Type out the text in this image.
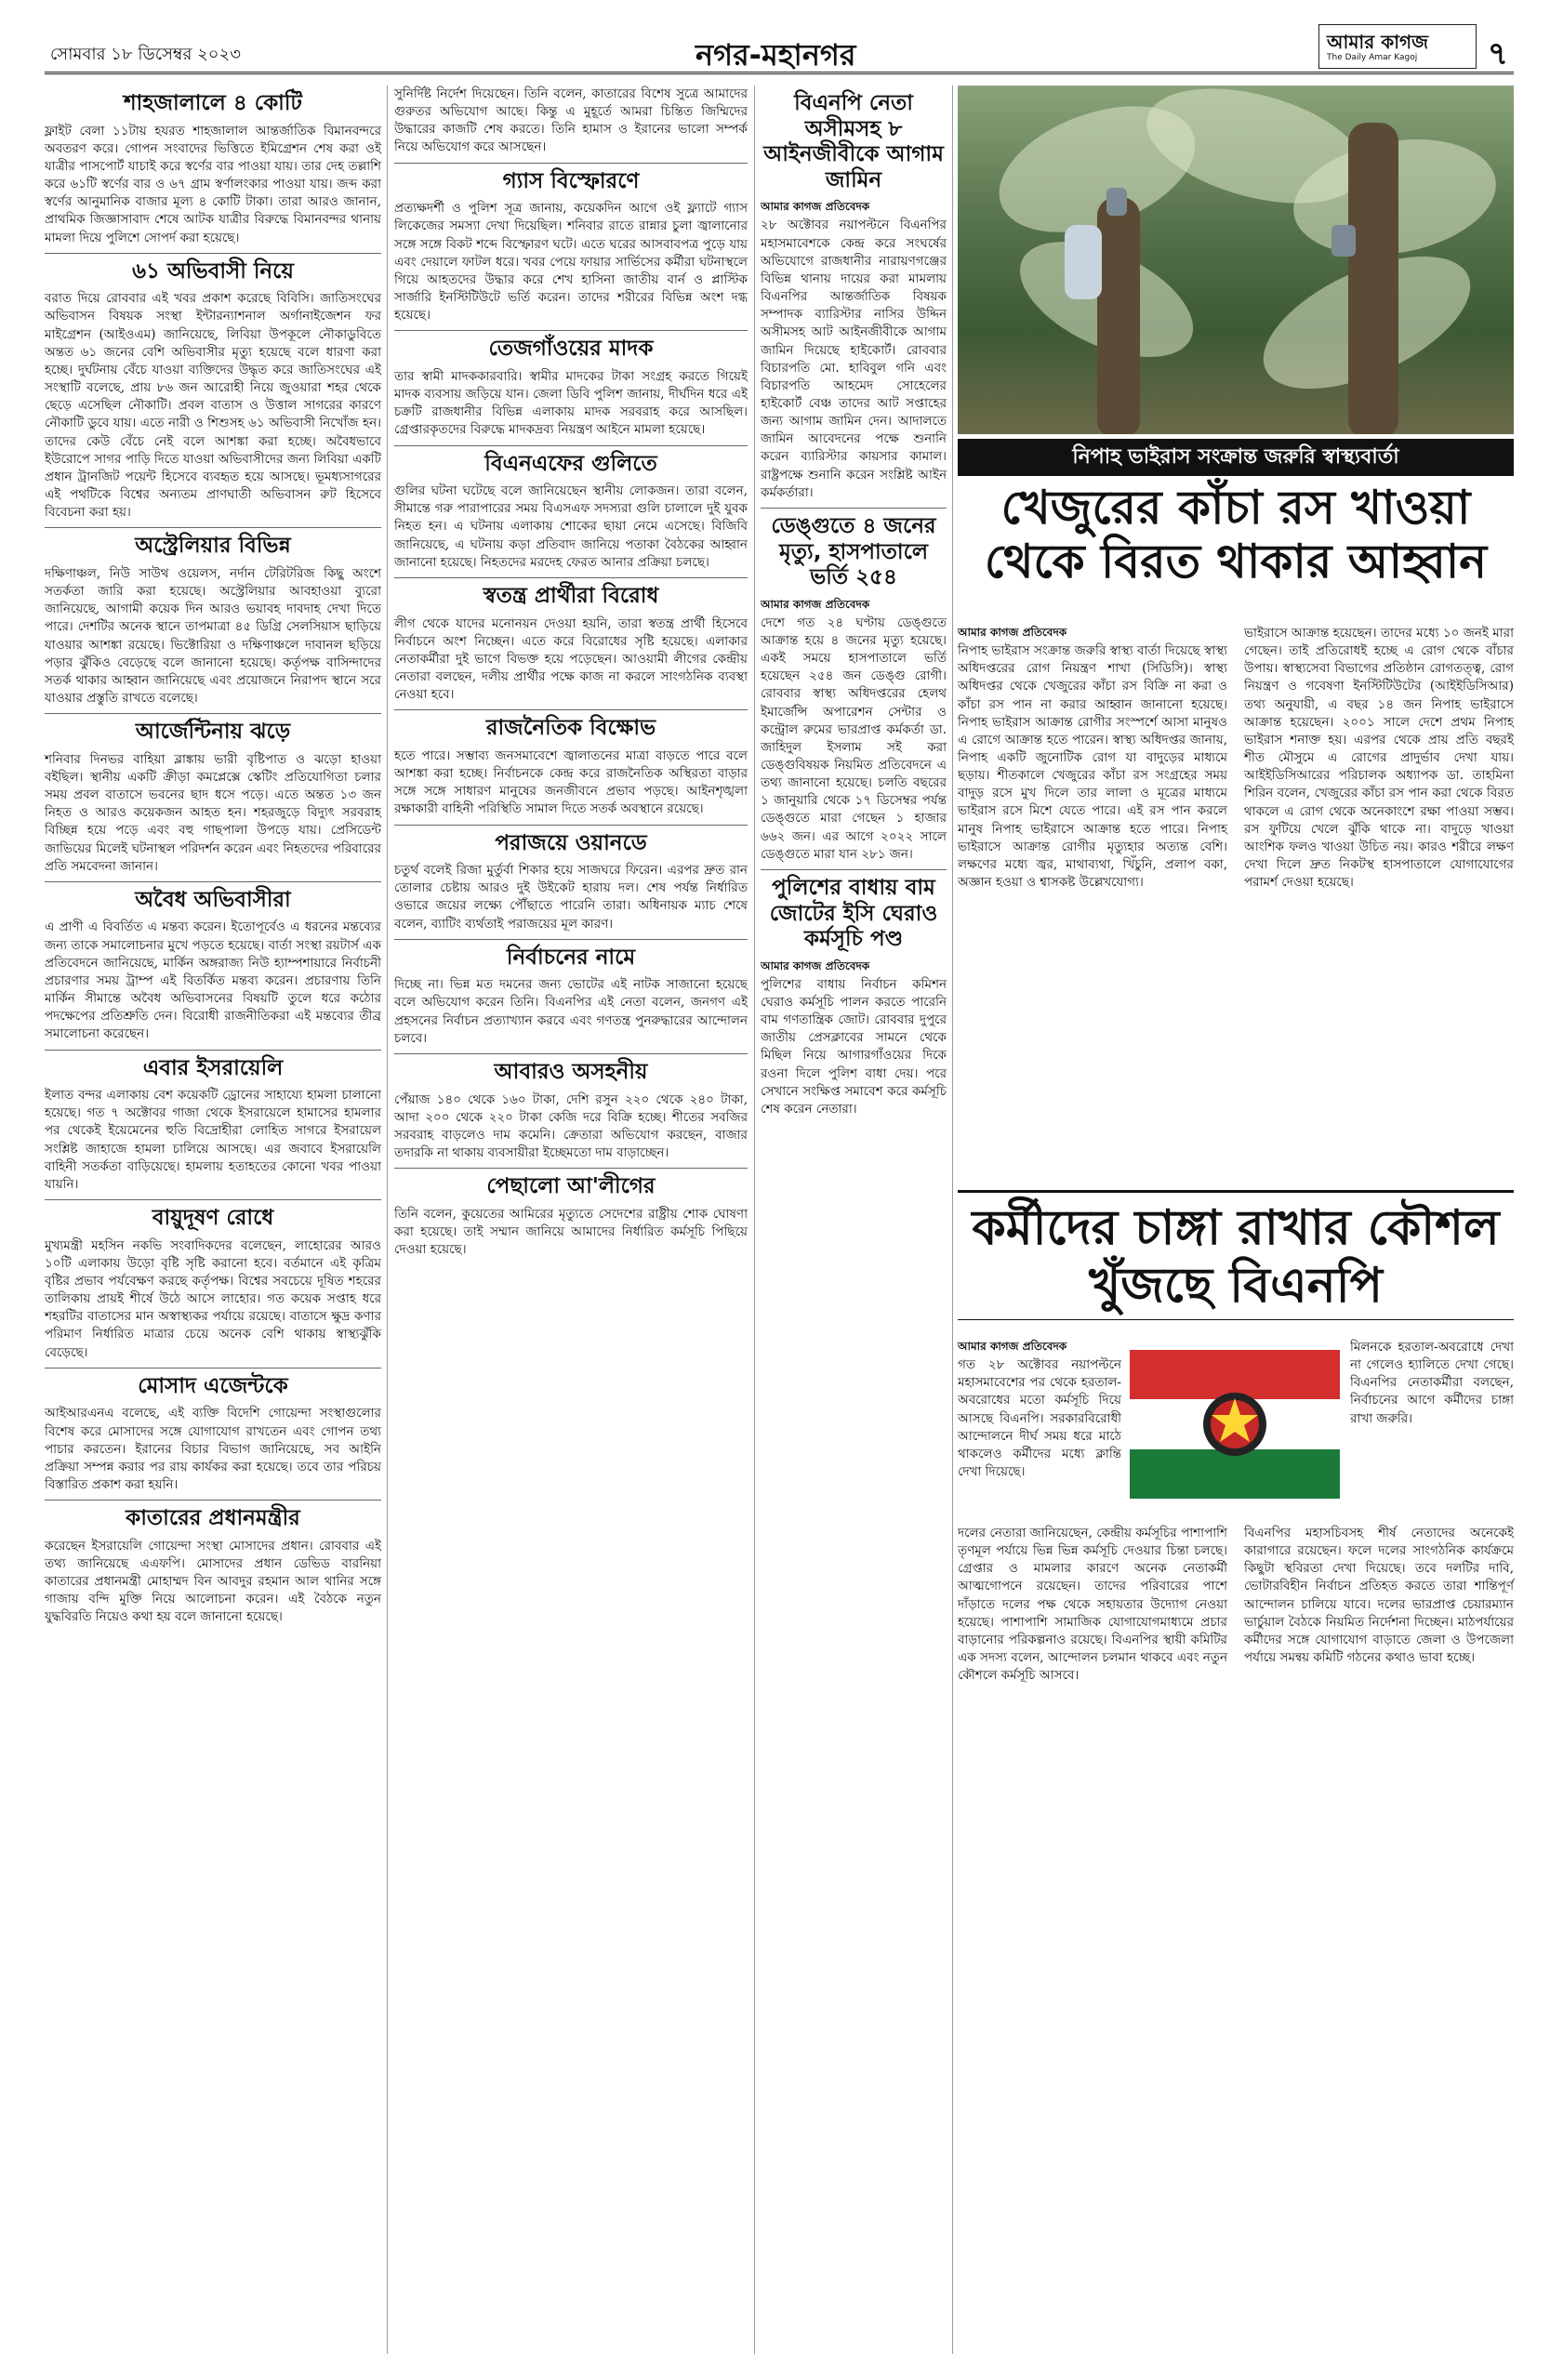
সোমবার ১৮ ডিসেম্বর ২০২৩	নগর-মহানগর	আমার কাগজ
The Daily Amar Kagoj ৭
শাহজালালে ৪ কোটি

ফ্লাইট বেলা ১১টায় হযরত শাহজালাল আন্তর্জাতিক বিমানবন্দরে অবতরণ করে। গোপন সংবাদের ভিত্তিতে ইমিগ্রেশন শেষ করা ওই যাত্রীর পাসপোর্ট যাচাই করে স্বর্ণের বার পাওয়া যায়। তার দেহ তল্লাশি করে ৬১টি স্বর্ণের বার ও ৬৭ গ্রাম স্বর্ণালংকার পাওয়া যায়। জব্দ করা স্বর্ণের আনুমানিক বাজার মূল্য ৪ কোটি টাকা। তারা আরও জানান, প্রাথমিক জিজ্ঞাসাবাদ শেষে আটক যাত্রীর বিরুদ্ধে বিমানবন্দর থানায় মামলা দিয়ে পুলিশে সোপর্দ করা হয়েছে।

৬১ অভিবাসী নিয়ে

বরাত দিয়ে রোববার এই খবর প্রকাশ করেছে বিবিসি। জাতিসংঘের অভিবাসন বিষয়ক সংস্থা ইন্টারন্যাশনাল অর্গানাইজেশন ফর মাইগ্রেশন (আইওএম) জানিয়েছে, লিবিয়া উপকূলে নৌকাডুবিতে অন্তত ৬১ জনের বেশি অভিবাসীর মৃত্যু হয়েছে বলে ধারণা করা হচ্ছে। দুর্ঘটনায় বেঁচে যাওয়া ব্যক্তিদের উদ্ধৃত করে জাতিসংঘের এই সংস্থাটি বলেছে, প্রায় ৮৬ জন আরোহী নিয়ে জুওয়ারা শহর থেকে ছেড়ে এসেছিল নৌকাটি। প্রবল বাতাস ও উত্তাল সাগরের কারণে নৌকাটি ডুবে যায়। এতে নারী ও শিশুসহ ৬১ অভিবাসী নিখোঁজ হন। তাদের কেউ বেঁচে নেই বলে আশঙ্কা করা হচ্ছে। অবৈধভাবে ইউরোপে সাগর পাড়ি দিতে যাওয়া অভিবাসীদের জন্য লিবিয়া একটি প্রধান ট্রানজিট পয়েন্ট হিসেবে ব্যবহৃত হয়ে আসছে। ভূমধ্যসাগরের এই পথটিকে বিশ্বের অন্যতম প্রাণঘাতী অভিবাসন রুট হিসেবে বিবেচনা করা হয়।

অস্ট্রেলিয়ার বিভিন্ন

দক্ষিণাঞ্চল, নিউ সাউথ ওয়েলস, নর্দান টেরিটরিজ কিছু অংশে সতর্কতা জারি করা হয়েছে। অস্ট্রেলিয়ার আবহাওয়া ব্যুরো জানিয়েছে, আগামী কয়েক দিন আরও ভয়াবহ দাবদাহ দেখা দিতে পারে। দেশটির অনেক স্থানে তাপমাত্রা ৪৫ ডিগ্রি সেলসিয়াস ছাড়িয়ে যাওয়ার আশঙ্কা রয়েছে। ভিক্টোরিয়া ও দক্ষিণাঞ্চলে দাবানল ছড়িয়ে পড়ার ঝুঁকিও বেড়েছে বলে জানানো হয়েছে। কর্তৃপক্ষ বাসিন্দাদের সতর্ক থাকার আহ্বান জানিয়েছে এবং প্রয়োজনে নিরাপদ স্থানে সরে যাওয়ার প্রস্তুতি রাখতে বলেছে।

আর্জেন্টিনায় ঝড়ে

শনিবার দিনভর বাহিয়া ব্লাঙ্কায় ভারী বৃষ্টিপাত ও ঝড়ো হাওয়া বইছিল। স্থানীয় একটি ক্রীড়া কমপ্লেক্সে স্কেটিং প্রতিযোগিতা চলার সময় প্রবল বাতাসে ভবনের ছাদ ধসে পড়ে। এতে অন্তত ১৩ জন নিহত ও আরও কয়েকজন আহত হন। শহরজুড়ে বিদ্যুৎ সরবরাহ বিচ্ছিন্ন হয়ে পড়ে এবং বহু গাছপালা উপড়ে যায়। প্রেসিডেন্ট জাভিয়ের মিলেই ঘটনাস্থল পরিদর্শন করেন এবং নিহতদের পরিবারের প্রতি সমবেদনা জানান।

অবৈধ অভিবাসীরা

এ প্রাণী এ বিবর্তিত এ মন্তব্য করেন। ইতোপূর্বেও এ ধরনের মন্তব্যের জন্য তাকে সমালোচনার মুখে পড়তে হয়েছে। বার্তা সংস্থা রয়টার্স এক প্রতিবেদনে জানিয়েছে, মার্কিন অঙ্গরাজ্য নিউ হ্যাম্পশায়ারে নির্বাচনী প্রচারণার সময় ট্রাম্প এই বিতর্কিত মন্তব্য করেন। প্রচারণায় তিনি মার্কিন সীমান্তে অবৈধ অভিবাসনের বিষয়টি তুলে ধরে কঠোর পদক্ষেপের প্রতিশ্রুতি দেন। বিরোধী রাজনীতিকরা এই মন্তব্যের তীব্র সমালোচনা করেছেন।

এবার ইসরায়েলি

ইলাত বন্দর এলাকায় বেশ কয়েকটি ড্রোনের সাহায্যে হামলা চালানো হয়েছে। গত ৭ অক্টোবর গাজা থেকে ইসরায়েলে হামাসের হামলার পর থেকেই ইয়েমেনের হুতি বিদ্রোহীরা লোহিত সাগরে ইসরায়েল সংশ্লিষ্ট জাহাজে হামলা চালিয়ে আসছে। এর জবাবে ইসরায়েলি বাহিনী সতর্কতা বাড়িয়েছে। হামলায় হতাহতের কোনো খবর পাওয়া যায়নি।

বায়ুদূষণ রোধে

মুখ্যমন্ত্রী মহসিন নকভি সংবাদিকদের বলেছেন, লাহোরের আরও ১০টি এলাকায় উড়ো বৃষ্টি সৃষ্টি করানো হবে। বর্তমানে এই কৃত্রিম বৃষ্টির প্রভাব পর্যবেক্ষণ করছে কর্তৃপক্ষ। বিশ্বের সবচেয়ে দূষিত শহরের তালিকায় প্রায়ই শীর্ষে উঠে আসে লাহোর। গত কয়েক সপ্তাহ ধরে শহরটির বাতাসের মান অস্বাস্থ্যকর পর্যায়ে রয়েছে। বাতাসে ক্ষুদ্র কণার পরিমাণ নির্ধারিত মাত্রার চেয়ে অনেক বেশি থাকায় স্বাস্থ্যঝুঁকি বেড়েছে।

মোসাদ এজেন্টকে

আইআরএনএ বলেছে, এই ব্যক্তি বিদেশি গোয়েন্দা সংস্থাগুলোর বিশেষ করে মোসাদের সঙ্গে যোগাযোগ রাখতেন এবং গোপন তথ্য পাচার করতেন। ইরানের বিচার বিভাগ জানিয়েছে, সব আইনি প্রক্রিয়া সম্পন্ন করার পর রায় কার্যকর করা হয়েছে। তবে তার পরিচয় বিস্তারিত প্রকাশ করা হয়নি।

কাতারের প্রধানমন্ত্রীর

করেছেন ইসরায়েলি গোয়েন্দা সংস্থা মোসাদের প্রধান। রোববার এই তথ্য জানিয়েছে এএফপি। মোসাদের প্রধান ডেভিড বারনিয়া কাতারের প্রধানমন্ত্রী মোহাম্মদ বিন আবদুর রহমান আল থানির সঙ্গে গাজায় বন্দি মুক্তি নিয়ে আলোচনা করেন। এই বৈঠকে নতুন যুদ্ধবিরতি নিয়েও কথা হয় বলে জানানো হয়েছে।

সুনির্দিষ্ট নির্দেশ দিয়েছেন। তিনি বলেন, কাতারের বিশেষ সুত্রে আমাদের গুরুতর অভিযোগ আছে। কিন্তু এ মুহূর্তে আমরা চিন্তিত জিম্মিদের উদ্ধারের কাজটি শেষ করতে। তিনি হামাস ও ইরানের ভালো সম্পর্ক নিয়ে অভিযোগ করে আসছেন।

গ্যাস বিস্ফোরণে

প্রত্যক্ষদর্শী ও পুলিশ সূত্র জানায়, কয়েকদিন আগে ওই ফ্ল্যাটে গ্যাস লিকেজের সমস্যা দেখা দিয়েছিল। শনিবার রাতে রান্নার চুলা জ্বালানোর সঙ্গে সঙ্গে বিকট শব্দে বিস্ফোরণ ঘটে। এতে ঘরের আসবাবপত্র পুড়ে যায় এবং দেয়ালে ফাটল ধরে। খবর পেয়ে ফায়ার সার্ভিসের কর্মীরা ঘটনাস্থলে গিয়ে আহতদের উদ্ধার করে শেখ হাসিনা জাতীয় বার্ন ও প্লাস্টিক সার্জারি ইনস্টিটিউটে ভর্তি করেন। তাদের শরীরের বিভিন্ন অংশ দগ্ধ হয়েছে।

তেজগাঁওয়ের মাদক

তার স্বামী মাদককারবারি। স্বামীর মাদকের টাকা সংগ্রহ করতে গিয়েই মাদক ব্যবসায় জড়িয়ে যান। জেলা ডিবি পুলিশ জানায়, দীর্ঘদিন ধরে এই চক্রটি রাজধানীর বিভিন্ন এলাকায় মাদক সরবরাহ করে আসছিল। গ্রেপ্তারকৃতদের বিরুদ্ধে মাদকদ্রব্য নিয়ন্ত্রণ আইনে মামলা হয়েছে।

বিএনএফের গুলিতে

গুলির ঘটনা ঘটেছে বলে জানিয়েছেন স্থানীয় লোকজন। তারা বলেন, সীমান্তে গরু পারাপারের সময় বিএসএফ সদস্যরা গুলি চালালে দুই যুবক নিহত হন। এ ঘটনায় এলাকায় শোকের ছায়া নেমে এসেছে। বিজিবি জানিয়েছে, এ ঘটনায় কড়া প্রতিবাদ জানিয়ে পতাকা বৈঠকের আহ্বান জানানো হয়েছে। নিহতদের মরদেহ ফেরত আনার প্রক্রিয়া চলছে।

স্বতন্ত্র প্রার্থীরা বিরোধ

লীগ থেকে যাদের মনোনয়ন দেওয়া হয়নি, তারা স্বতন্ত্র প্রার্থী হিসেবে নির্বাচনে অংশ নিচ্ছেন। এতে করে বিরোধের সৃষ্টি হয়েছে। এলাকার নেতাকর্মীরা দুই ভাগে বিভক্ত হয়ে পড়েছেন। আওয়ামী লীগের কেন্দ্রীয় নেতারা বলছেন, দলীয় প্রার্থীর পক্ষে কাজ না করলে সাংগঠনিক ব্যবস্থা নেওয়া হবে।

রাজনৈতিক বিক্ষোভ

হতে পারে। সম্ভাব্য জনসমাবেশে জ্বালাতনের মাত্রা বাড়তে পারে বলে আশঙ্কা করা হচ্ছে। নির্বাচনকে কেন্দ্র করে রাজনৈতিক অস্থিরতা বাড়ার সঙ্গে সঙ্গে সাধারণ মানুষের জনজীবনে প্রভাব পড়ছে। আইনশৃঙ্খলা রক্ষাকারী বাহিনী পরিস্থিতি সামাল দিতে সতর্ক অবস্থানে রয়েছে।

পরাজয়ে ওয়ানডে

চতুর্থ বলেই রিজা মুর্তুর্বা শিকার হয়ে সাজঘরে ফিরেন। এরপর দ্রুত রান তোলার চেষ্টায় আরও দুই উইকেট হারায় দল। শেষ পর্যন্ত নির্ধারিত ওভারে জয়ের লক্ষ্যে পৌঁছাতে পারেনি তারা। অধিনায়ক ম্যাচ শেষে বলেন, ব্যাটিং ব্যর্থতাই পরাজয়ের মূল কারণ।

নির্বাচনের নামে

দিচ্ছে না। ভিন্ন মত দমনের জন্য ভোটের এই নাটক সাজানো হয়েছে বলে অভিযোগ করেন তিনি। বিএনপির এই নেতা বলেন, জনগণ এই প্রহসনের নির্বাচন প্রত্যাখ্যান করবে এবং গণতন্ত্র পুনরুদ্ধারের আন্দোলন চলবে।

আবারও অসহনীয়

পেঁয়াজ ১৪০ থেকে ১৬০ টাকা, দেশি রসুন ২২০ থেকে ২৪০ টাকা, আদা ২০০ থেকে ২২০ টাকা কেজি দরে বিক্রি হচ্ছে। শীতের সবজির সরবরাহ বাড়লেও দাম কমেনি। ক্রেতারা অভিযোগ করছেন, বাজার তদারকি না থাকায় ব্যবসায়ীরা ইচ্ছেমতো দাম বাড়াচ্ছেন।

পেছালো আ'লীগের

তিনি বলেন, কুয়েতের আমিরের মৃত্যুতে সেদেশের রাষ্ট্রীয় শোক ঘোষণা করা হয়েছে। তাই সম্মান জানিয়ে আমাদের নির্ধারিত কর্মসূচি পিছিয়ে দেওয়া হয়েছে।

বিএনপি নেতা অসীমসহ ৮ আইনজীবীকে আগাম জামিন
আমার কাগজ প্রতিবেদক

২৮ অক্টোবর নয়াপল্টনে বিএনপির মহাসমাবেশকে কেন্দ্র করে সংঘর্ষের অভিযোগে রাজধানীর নারায়ণগঞ্জের বিভিন্ন থানায় দায়ের করা মামলায় বিএনপির আন্তর্জাতিক বিষয়ক সম্পাদক ব্যারিস্টার নাসির উদ্দিন অসীমসহ আট আইনজীবীকে আগাম জামিন দিয়েছে হাইকোর্ট। রোববার বিচারপতি মো. হাবিবুল গনি এবং বিচারপতি আহমেদ সোহেলের হাইকোর্ট বেঞ্চ তাদের আট সপ্তাহের জন্য আগাম জামিন দেন। আদালতে জামিন আবেদনের পক্ষে শুনানি করেন ব্যারিস্টার কায়সার কামাল। রাষ্ট্রপক্ষে শুনানি করেন সংশ্লিষ্ট আইন কর্মকর্তারা।

ডেঙ্গুতে ৪ জনের মৃত্যু, হাসপাতালে ভর্তি ২৫৪
আমার কাগজ প্রতিবেদক

দেশে গত ২৪ ঘণ্টায় ডেঙ্গুতে আক্রান্ত হয়ে ৪ জনের মৃত্যু হয়েছে। একই সময়ে হাসপাতালে ভর্তি হয়েছেন ২৫৪ জন ডেঙ্গু রোগী। রোববার স্বাস্থ্য অধিদপ্তরের হেলথ ইমার্জেন্সি অপারেশন সেন্টার ও কন্ট্রোল রুমের ভারপ্রাপ্ত কর্মকর্তা ডা. জাহিদুল ইসলাম সই করা ডেঙ্গুবিষয়ক নিয়মিত প্রতিবেদনে এ তথ্য জানানো হয়েছে। চলতি বছরের ১ জানুয়ারি থেকে ১৭ ডিসেম্বর পর্যন্ত ডেঙ্গুতে মারা গেছেন ১ হাজার ৬৬২ জন। এর আগে ২০২২ সালে ডেঙ্গুতে মারা যান ২৮১ জন।

পুলিশের বাধায় বাম জোটের ইসি ঘেরাও কর্মসূচি পণ্ড
আমার কাগজ প্রতিবেদক

পুলিশের বাধায় নির্বাচন কমিশন ঘেরাও কর্মসূচি পালন করতে পারেনি বাম গণতান্ত্রিক জোট। রোববার দুপুরে জাতীয় প্রেসক্লাবের সামনে থেকে মিছিল নিয়ে আগারগাঁওয়ের দিকে রওনা দিলে পুলিশ বাধা দেয়। পরে সেখানে সংক্ষিপ্ত সমাবেশ করে কর্মসূচি শেষ করেন নেতারা।

নিপাহ ভাইরাস সংক্রান্ত জরুরি স্বাস্থ্যবার্তা
খেজুরের কাঁচা রস খাওয়া থেকে বিরত থাকার আহ্বান
আমার কাগজ প্রতিবেদক

নিপাহ ভাইরাস সংক্রান্ত জরুরি স্বাস্থ্য বার্তা দিয়েছে স্বাস্থ্য অধিদপ্তরের রোগ নিয়ন্ত্রণ শাখা (সিডিসি)। স্বাস্থ্য অধিদপ্তর থেকে খেজুরের কাঁচা রস বিক্রি না করা ও কাঁচা রস পান না করার আহ্বান জানানো হয়েছে। নিপাহ ভাইরাস আক্রান্ত রোগীর সংস্পর্শে আসা মানুষও এ রোগে আক্রান্ত হতে পারেন। স্বাস্থ্য অধিদপ্তর জানায়, নিপাহ একটি জুনোটিক রোগ যা বাদুড়ের মাধ্যমে ছড়ায়। শীতকালে খেজুরের কাঁচা রস সংগ্রহের সময় বাদুড় রসে মুখ দিলে তার লালা ও মূত্রের মাধ্যমে ভাইরাস রসে মিশে যেতে পারে। এই রস পান করলে মানুষ নিপাহ ভাইরাসে আক্রান্ত হতে পারে। নিপাহ ভাইরাসে আক্রান্ত রোগীর মৃত্যুহার অত্যন্ত বেশি। লক্ষণের মধ্যে জ্বর, মাথাব্যথা, খিঁচুনি, প্রলাপ বকা, অজ্ঞান হওয়া ও শ্বাসকষ্ট উল্লেখযোগ্য।

ভাইরাসে আক্রান্ত হয়েছেন। তাদের মধ্যে ১০ জনই মারা গেছেন। তাই প্রতিরোধই হচ্ছে এ রোগ থেকে বাঁচার উপায়। স্বাস্থ্যসেবা বিভাগের প্রতিষ্ঠান রোগতত্ত্ব, রোগ নিয়ন্ত্রণ ও গবেষণা ইনস্টিটিউটের (আইইডিসিআর) তথ্য অনুযায়ী, এ বছর ১৪ জন নিপাহ ভাইরাসে আক্রান্ত হয়েছেন। ২০০১ সালে দেশে প্রথম নিপাহ ভাইরাস শনাক্ত হয়। এরপর থেকে প্রায় প্রতি বছরই শীত মৌসুমে এ রোগের প্রাদুর্ভাব দেখা যায়। আইইডিসিআরের পরিচালক অধ্যাপক ডা. তাহমিনা শিরিন বলেন, খেজুরের কাঁচা রস পান করা থেকে বিরত থাকলে এ রোগ থেকে অনেকাংশে রক্ষা পাওয়া সম্ভব। রস ফুটিয়ে খেলে ঝুঁকি থাকে না। বাদুড়ে খাওয়া আংশিক ফলও খাওয়া উচিত নয়। কারও শরীরে লক্ষণ দেখা দিলে দ্রুত নিকটস্থ হাসপাতালে যোগাযোগের পরামর্শ দেওয়া হয়েছে।

কর্মীদের চাঙ্গা রাখার কৌশল খুঁজছে বিএনপি
আমার কাগজ প্রতিবেদক

গত ২৮ অক্টোবর নয়াপল্টনে মহাসমাবেশের পর থেকে হরতাল-অবরোধের মতো কর্মসূচি দিয়ে আসছে বিএনপি। সরকারবিরোধী আন্দোলনে দীর্ঘ সময় ধরে মাঠে থাকলেও কর্মীদের মধ্যে ক্লান্তি দেখা দিয়েছে।

মিলনকে হরতাল-অবরোধে দেখা না গেলেও হ্যালিতে দেখা গেছে। বিএনপির নেতাকর্মীরা বলছেন, নির্বাচনের আগে কর্মীদের চাঙ্গা রাখা জরুরি।

দলের নেতারা জানিয়েছেন, কেন্দ্রীয় কর্মসূচির পাশাপাশি তৃণমূল পর্যায়ে ভিন্ন ভিন্ন কর্মসূচি দেওয়ার চিন্তা চলছে। গ্রেপ্তার ও মামলার কারণে অনেক নেতাকর্মী আত্মগোপনে রয়েছেন। তাদের পরিবারের পাশে দাঁড়াতে দলের পক্ষ থেকে সহায়তার উদ্যোগ নেওয়া হয়েছে। পাশাপাশি সামাজিক যোগাযোগমাধ্যমে প্রচার বাড়ানোর পরিকল্পনাও রয়েছে। বিএনপির স্থায়ী কমিটির এক সদস্য বলেন, আন্দোলন চলমান থাকবে এবং নতুন কৌশলে কর্মসূচি আসবে।

বিএনপির মহাসচিবসহ শীর্ষ নেতাদের অনেকেই কারাগারে রয়েছেন। ফলে দলের সাংগঠনিক কার্যক্রমে কিছুটা স্থবিরতা দেখা দিয়েছে। তবে দলটির দাবি, ভোটারবিহীন নির্বাচন প্রতিহত করতে তারা শান্তিপূর্ণ আন্দোলন চালিয়ে যাবে। দলের ভারপ্রাপ্ত চেয়ারম্যান ভার্চুয়াল বৈঠকে নিয়মিত নির্দেশনা দিচ্ছেন। মাঠপর্যায়ের কর্মীদের সঙ্গে যোগাযোগ বাড়াতে জেলা ও উপজেলা পর্যায়ে সমন্বয় কমিটি গঠনের কথাও ভাবা হচ্ছে।
